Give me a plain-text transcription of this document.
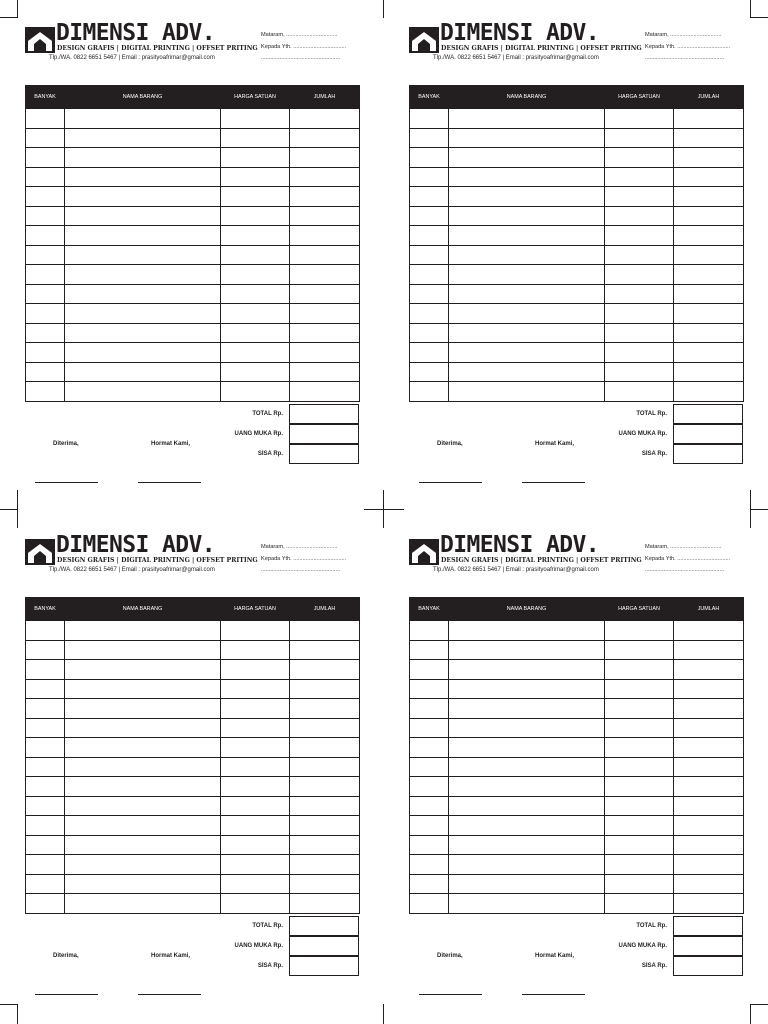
DIMENSI ADV.
DESIGN GRAFIS | DIGITAL PRINTING | OFFSET PRITING
Tlp./WA. 0822 6651 5467 | Email : prasityoafrimar@gmail.com
Mataram, .................................
Kepada Yth. ..................................
...................................................
BANYAK	NAMA BARANG	HARGA SATUAN	JUMLAH

TOTAL Rp.
UANG MUKA Rp.
SISA Rp.
Diterima,	Hormat Kami,
DIMENSI ADV.
DESIGN GRAFIS | DIGITAL PRINTING | OFFSET PRITING
Tlp./WA. 0822 6651 5467 | Email : prasityoafrimar@gmail.com
Mataram, .................................
Kepada Yth. ..................................
...................................................
BANYAK	NAMA BARANG	HARGA SATUAN	JUMLAH

TOTAL Rp.
UANG MUKA Rp.
SISA Rp.
Diterima,	Hormat Kami,
DIMENSI ADV.
DESIGN GRAFIS | DIGITAL PRINTING | OFFSET PRITING
Tlp./WA. 0822 6651 5467 | Email : prasityoafrimar@gmail.com
Mataram, .................................
Kepada Yth. ..................................
...................................................
BANYAK	NAMA BARANG	HARGA SATUAN	JUMLAH

TOTAL Rp.
UANG MUKA Rp.
SISA Rp.
Diterima,	Hormat Kami,
DIMENSI ADV.
DESIGN GRAFIS | DIGITAL PRINTING | OFFSET PRITING
Tlp./WA. 0822 6651 5467 | Email : prasityoafrimar@gmail.com
Mataram, .................................
Kepada Yth. ..................................
...................................................
BANYAK	NAMA BARANG	HARGA SATUAN	JUMLAH

TOTAL Rp.
UANG MUKA Rp.
SISA Rp.
Diterima,	Hormat Kami,
